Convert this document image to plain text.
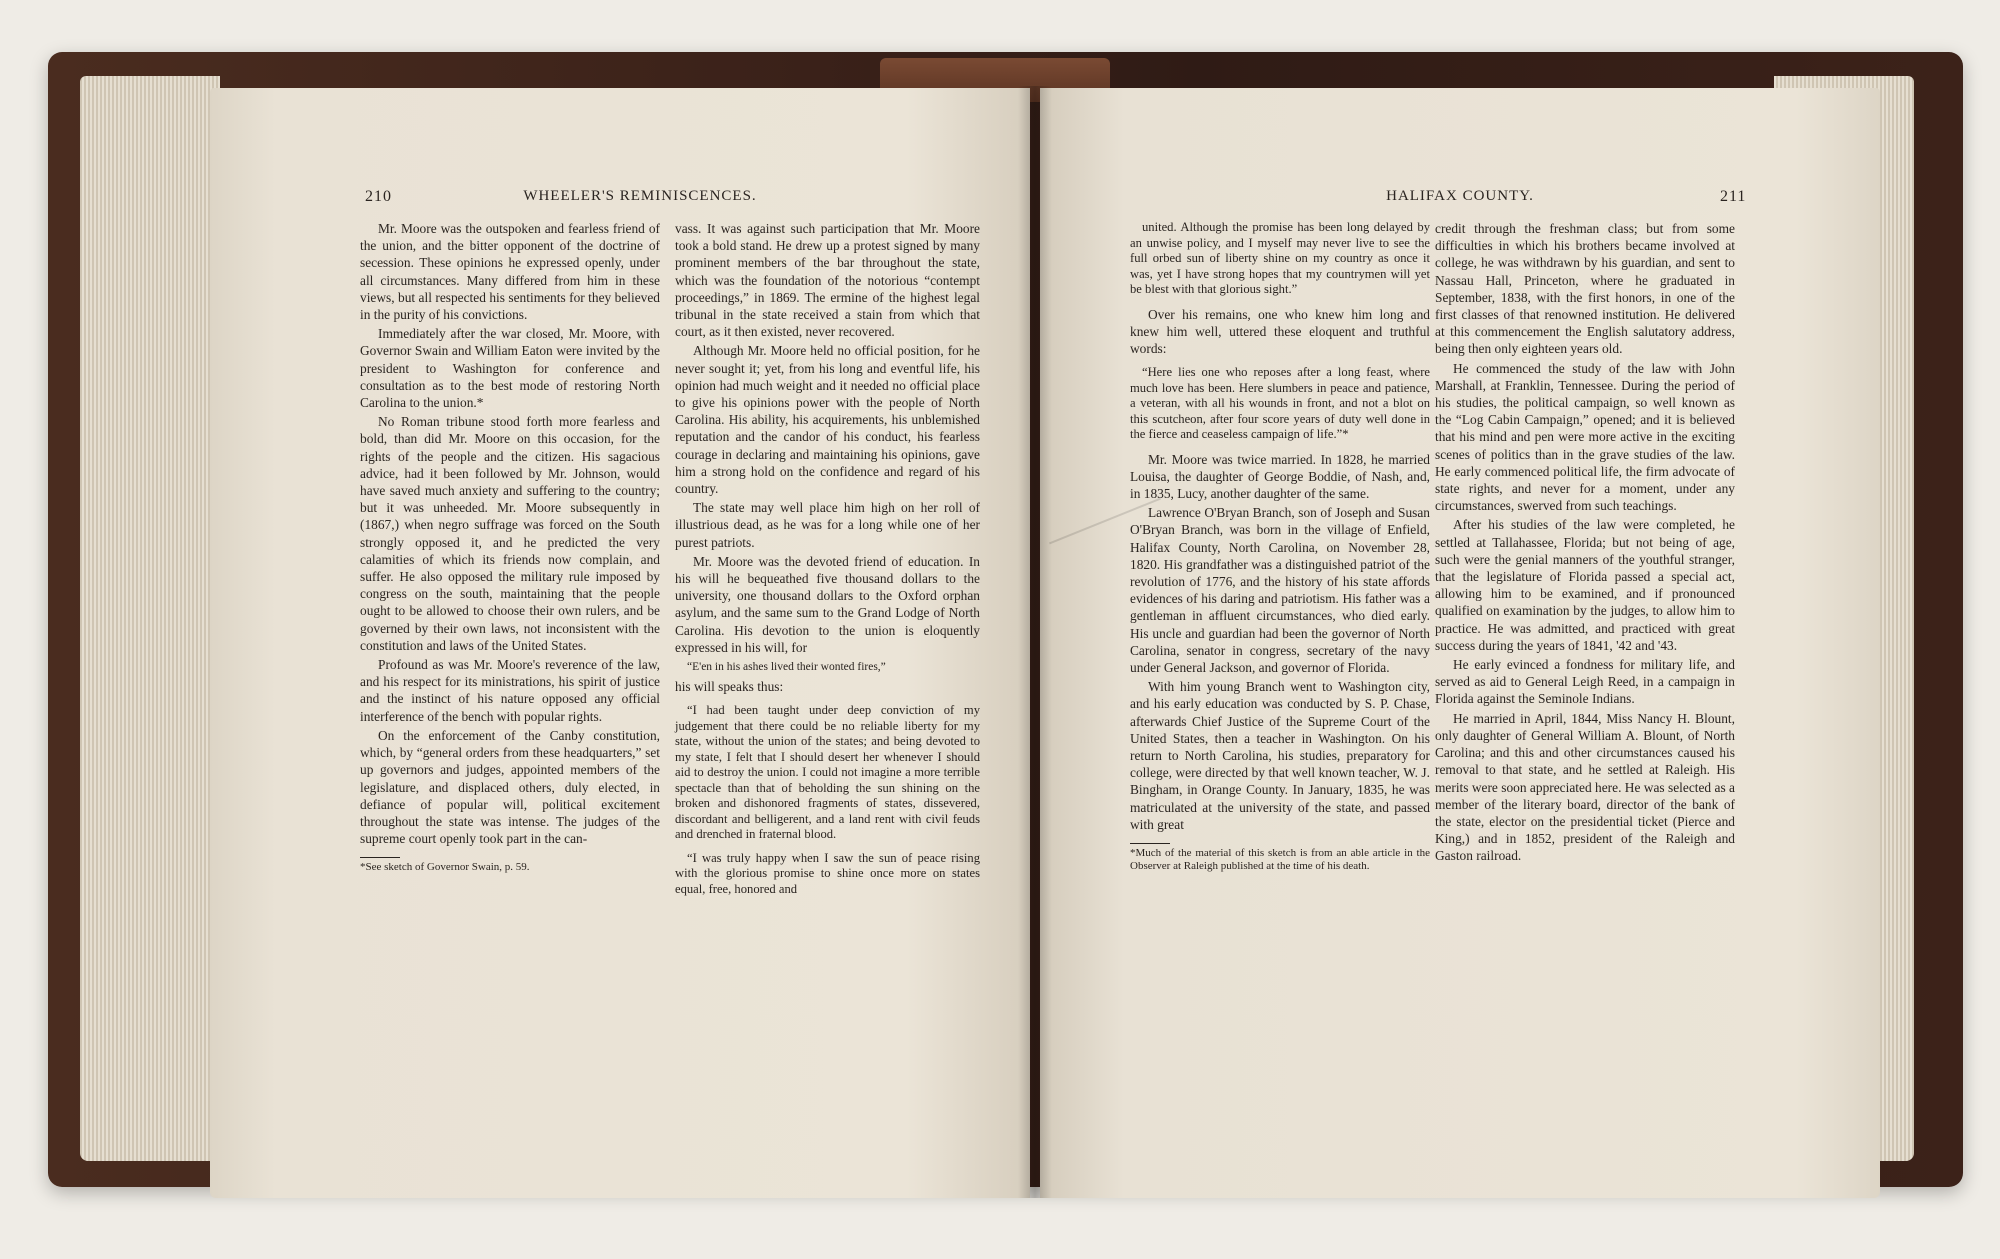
210	WHEELER'S REMINISCENCES.

Mr. Moore was the outspoken and fearless friend of the union, and the bitter opponent of the doctrine of secession. These opinions he expressed openly, under all circumstances. Many differed from him in these views, but all respected his sentiments for they believed in the purity of his convictions.

Immediately after the war closed, Mr. Moore, with Governor Swain and William Eaton were invited by the president to Washington for conference and consultation as to the best mode of restoring North Carolina to the union.*

No Roman tribune stood forth more fearless and bold, than did Mr. Moore on this occasion, for the rights of the people and the citizen. His sagacious advice, had it been followed by Mr. Johnson, would have saved much anxiety and suffering to the country; but it was unheeded. Mr. Moore subsequently in (1867,) when negro suffrage was forced on the South strongly opposed it, and he predicted the very calamities of which its friends now complain, and suffer. He also opposed the military rule imposed by congress on the south, maintaining that the people ought to be allowed to choose their own rulers, and be governed by their own laws, not inconsistent with the constitution and laws of the United States.

Profound as was Mr. Moore's reverence of the law, and his respect for its ministrations, his spirit of justice and the instinct of his nature opposed any official interference of the bench with popular rights.

On the enforcement of the Canby constitution, which, by “general orders from these headquarters,” set up governors and judges, appointed members of the legislature, and displaced others, duly elected, in defiance of popular will, political excitement throughout the state was intense. The judges of the supreme court openly took part in the can-

*See sketch of Governor Swain, p. 59.

vass. It was against such participation that Mr. Moore took a bold stand. He drew up a protest signed by many prominent members of the bar throughout the state, which was the foundation of the notorious “contempt proceedings,” in 1869. The ermine of the highest legal tribunal in the state received a stain from which that court, as it then existed, never recovered.

Although Mr. Moore held no official position, for he never sought it; yet, from his long and eventful life, his opinion had much weight and it needed no official place to give his opinions power with the people of North Carolina. His ability, his acquirements, his unblemished reputation and the candor of his conduct, his fearless courage in declaring and maintaining his opinions, gave him a strong hold on the confidence and regard of his country.

The state may well place him high on her roll of illustrious dead, as he was for a long while one of her purest patriots.

Mr. Moore was the devoted friend of education. In his will he bequeathed five thousand dollars to the university, one thousand dollars to the Oxford orphan asylum, and the same sum to the Grand Lodge of North Carolina. His devotion to the union is eloquently expressed in his will, for

“E'en in his ashes lived their wonted fires,”

his will speaks thus:

“I had been taught under deep conviction of my judgement that there could be no reliable liberty for my state, without the union of the states; and being devoted to my state, I felt that I should desert her whenever I should aid to destroy the union. I could not imagine a more terrible spectacle than that of beholding the sun shining on the broken and dishonored fragments of states, dissevered, discordant and belligerent, and a land rent with civil feuds and drenched in fraternal blood.

“I was truly happy when I saw the sun of peace rising with the glorious promise to shine once more on states equal, free, honored and

HALIFAX COUNTY.	211

united. Although the promise has been long delayed by an unwise policy, and I myself may never live to see the full orbed sun of liberty shine on my country as once it was, yet I have strong hopes that my countrymen will yet be blest with that glorious sight.”

Over his remains, one who knew him long and knew him well, uttered these eloquent and truthful words:

“Here lies one who reposes after a long feast, where much love has been. Here slumbers in peace and patience, a veteran, with all his wounds in front, and not a blot on this scutcheon, after four score years of duty well done in the fierce and ceaseless campaign of life.”*

Mr. Moore was twice married. In 1828, he married Louisa, the daughter of George Boddie, of Nash, and, in 1835, Lucy, another daughter of the same.

Lawrence O'Bryan Branch, son of Joseph and Susan O'Bryan Branch, was born in the village of Enfield, Halifax County, North Carolina, on November 28, 1820. His grandfather was a distinguished patriot of the revolution of 1776, and the history of his state affords evidences of his daring and patriotism. His father was a gentleman in affluent circumstances, who died early. His uncle and guardian had been the governor of North Carolina, senator in congress, secretary of the navy under General Jackson, and governor of Florida.

With him young Branch went to Washington city, and his early education was conducted by S. P. Chase, afterwards Chief Justice of the Supreme Court of the United States, then a teacher in Washington. On his return to North Carolina, his studies, preparatory for college, were directed by that well known teacher, W. J. Bingham, in Orange County. In January, 1835, he was matriculated at the university of the state, and passed with great

*Much of the material of this sketch is from an able article in the Observer at Raleigh published at the time of his death.

credit through the freshman class; but from some difficulties in which his brothers became involved at college, he was withdrawn by his guardian, and sent to Nassau Hall, Princeton, where he graduated in September, 1838, with the first honors, in one of the first classes of that renowned institution. He delivered at this commencement the English salutatory address, being then only eighteen years old.

He commenced the study of the law with John Marshall, at Franklin, Tennessee. During the period of his studies, the political campaign, so well known as the “Log Cabin Campaign,” opened; and it is believed that his mind and pen were more active in the exciting scenes of politics than in the grave studies of the law. He early commenced political life, the firm advocate of state rights, and never for a moment, under any circumstances, swerved from such teachings.

After his studies of the law were completed, he settled at Tallahassee, Florida; but not being of age, such were the genial manners of the youthful stranger, that the legislature of Florida passed a special act, allowing him to be examined, and if pronounced qualified on examination by the judges, to allow him to practice. He was admitted, and practiced with great success during the years of 1841, '42 and '43.

He early evinced a fondness for military life, and served as aid to General Leigh Reed, in a campaign in Florida against the Seminole Indians.

He married in April, 1844, Miss Nancy H. Blount, only daughter of General William A. Blount, of North Carolina; and this and other circumstances caused his removal to that state, and he settled at Raleigh. His merits were soon appreciated here. He was selected as a member of the literary board, director of the bank of the state, elector on the presidential ticket (Pierce and King,) and in 1852, president of the Raleigh and Gaston railroad.
